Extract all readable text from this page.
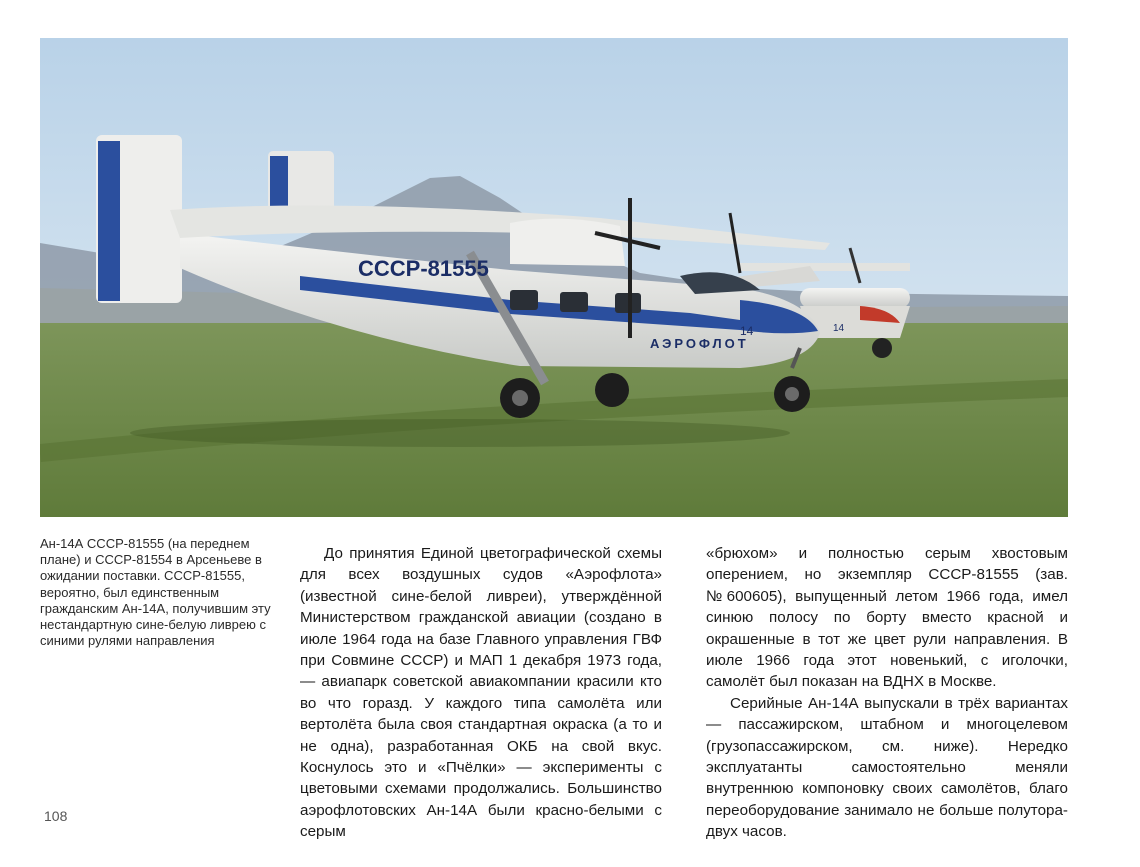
СССР-81555
АЭРОФЛОТ
14	14
Ан-14А СССР-81555 (на переднем плане) и СССР-81554 в Арсеньеве в ожидании поставки. СССР-81555, вероятно, был единственным гражданским Ан-14А, получившим эту нестандартную сине-белую ливрею с синими рулями направления

До принятия Единой цветографической схемы для всех воздушных судов «Аэрофлота» (известной сине-белой ливреи), утверждённой Министерством гражданской авиации (создано в июле 1964 года на базе Главного управления ГВФ при Совмине СССР) и МАП 1 декабря 1973 года, — авиапарк советской авиакомпании красили кто во что горазд. У каждого типа самолёта или вертолёта была своя стандартная окраска (а то и не одна), разработанная ОКБ на свой вкус. Коснулось это и «Пчёлки» — эксперименты с цветовыми схемами продолжались. Большинство аэрофлотовских Ан-14А были красно-белыми с серым

«брюхом» и полностью серым хвостовым оперением, но экземпляр СССР-81555 (зав. №600605), выпущенный летом 1966 года, имел синюю полосу по борту вместо красной и окрашенные в тот же цвет рули направления. В июле 1966 года этот новенький, с иголочки, самолёт был показан на ВДНХ в Москве.

Серийные Ан-14А выпускали в трёх вариантах — пассажирском, штабном и многоцелевом (грузопассажирском, см. ниже). Нередко эксплуатанты самостоятельно меняли внутреннюю компоновку своих самолётов, благо переоборудование занимало не больше полутора-двух часов.

108
